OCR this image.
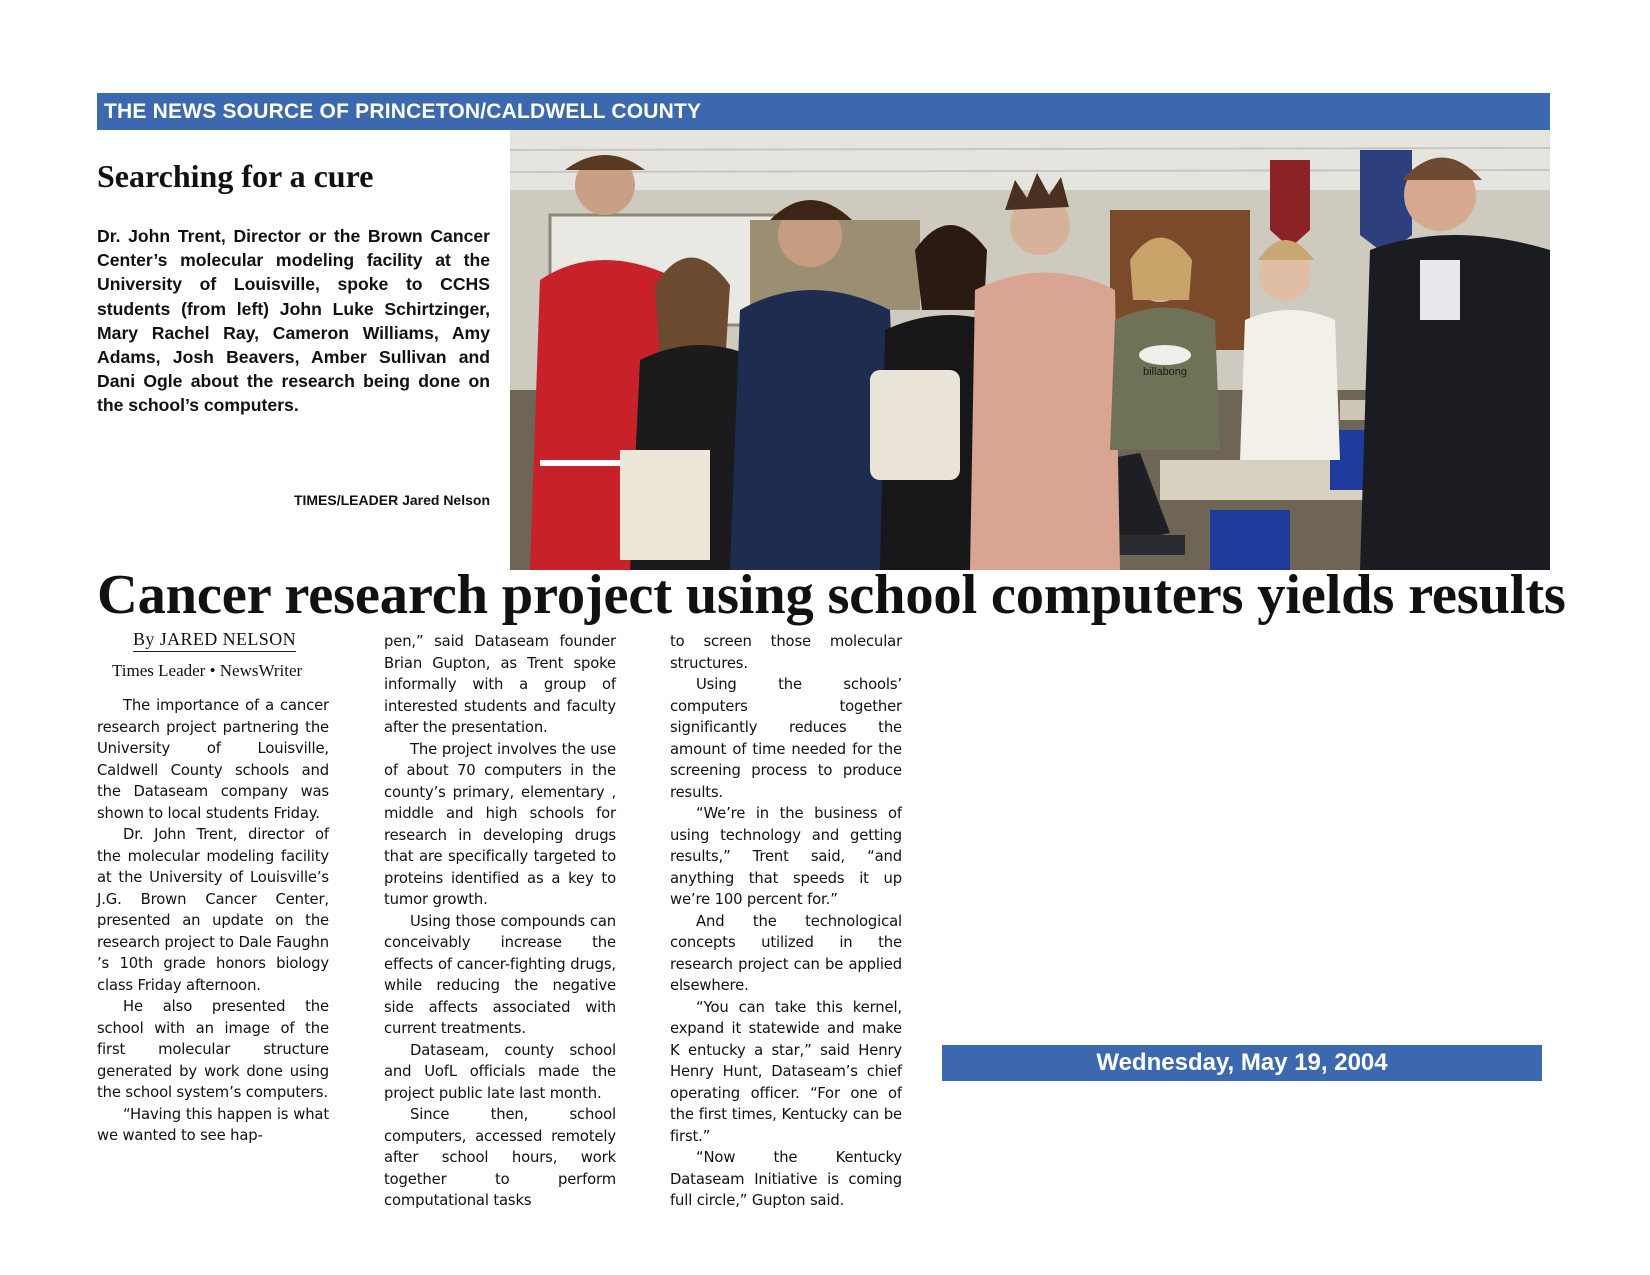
THE NEWS SOURCE OF PRINCETON/CALDWELL COUNTY
Searching for a cure

Dr. John Trent, Director or the Brown Cancer Center’s molecular modeling facility at the University of Louisville, spoke to CCHS students (from left) John Luke Schirtzinger, Mary Rachel Ray, Cameron Williams, Amy Adams, Josh Beavers, Amber Sullivan and Dani Ogle about the research being done on the school’s computers.

TIMES/LEADER Jared Nelson
billabong
Cancer research project using school computers yields results
By JARED NELSON
Times Leader • NewsWriter

The importance of a cancer research project partnering the University of Louisville, Caldwell County schools and the Dataseam company was shown to local students Friday.

Dr. John Trent, director of the molecular modeling facility at the University of Louisville’s J.G. Brown Cancer Center, presented an update on the research project to Dale Faughn ’s 10th grade honors biology class Friday afternoon.

He also presented the school with an image of the first molecular structure generated by work done using the school system’s computers.

“Having this happen is what we wanted to see hap-

pen,” said Dataseam founder Brian Gupton, as Trent spoke informally with a group of interested students and faculty after the presentation.

The project involves the use of about 70 computers in the county’s primary, elementary , middle and high schools for research in developing drugs that are specifically targeted to proteins identified as a key to tumor growth.

Using those compounds can conceivably increase the effects of cancer-fighting drugs, while reducing the negative side affects associated with current treatments.

Dataseam, county school and UofL officials made the project public late last month.

Since then, school computers, accessed remotely after school hours, work together to perform computational tasks

to screen those molecular structures.

Using the schools’ computers together significantly reduces the amount of time needed for the screening process to produce results.

“We’re in the business of using technology and getting results,” Trent said, “and anything that speeds it up we’re 100 percent for.”

And the technological concepts utilized in the research project can be applied elsewhere.

“You can take this kernel, expand it statewide and make K entucky a star,” said Henry Henry Hunt, Dataseam’s chief operating officer. “For one of the first times, Kentucky can be first.”

“Now the Kentucky Dataseam Initiative is coming full circle,” Gupton said.

Wednesday, May 19, 2004
